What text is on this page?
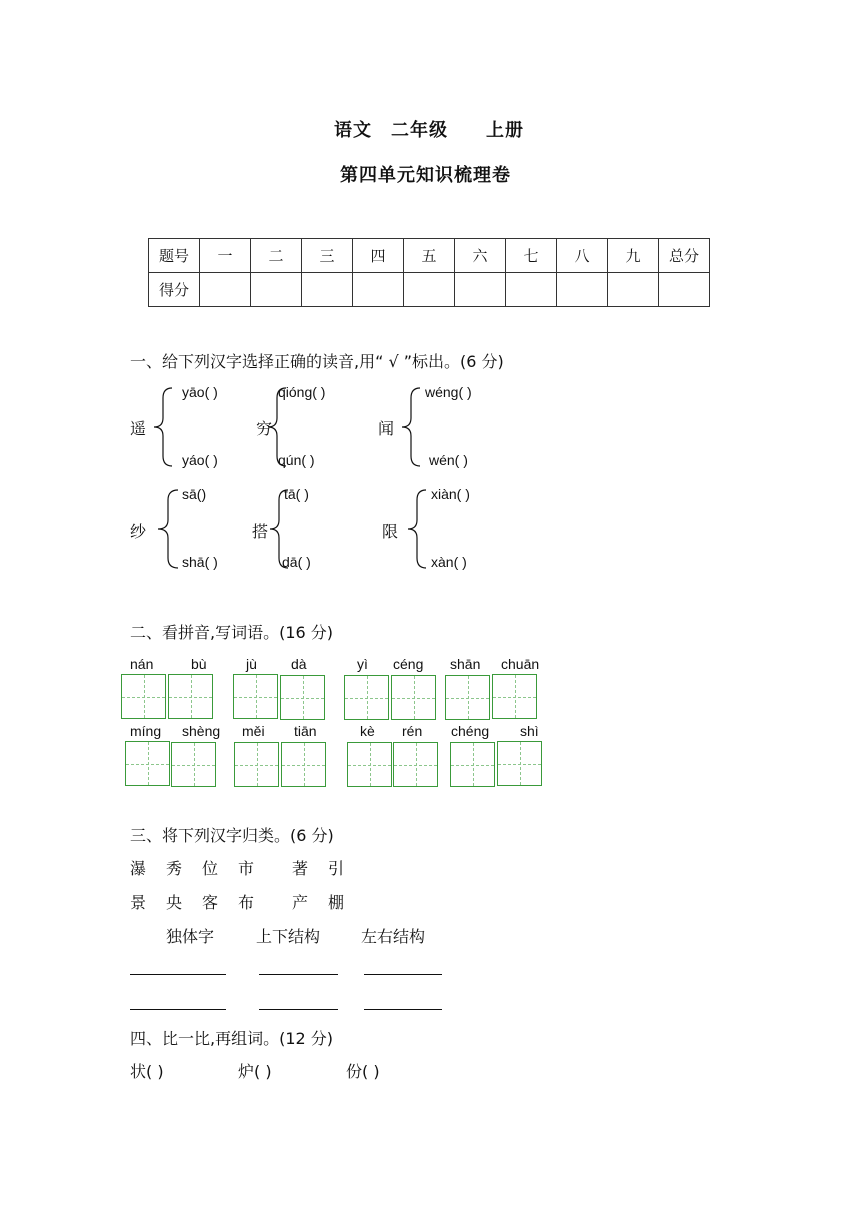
语文　二年级　　上册
第四单元知识梳理卷
题号	一	二	三	四	五	六	七	八	九	总分
得分										
一、给下列汉字选择正确的读音,用“ √ ”标出。(6 分)
遥
yāo( )
yáo( )
穷
qióng( )
qún( )
闻
wéng( )
wén( )
纱
sā()
shā( )
搭
tā( )
dā( )
限
xiàn( )
xàn( )
二、看拼音,写词语。(16 分)
nán	bù	jù dà	yì céng shān chuān
míng shèng měi tiān	kè rén chéng shì
三、将下列汉字归类。(6 分)
瀑　秀　位　市　　著　引
景　央　客　布　　产　棚
独体字	上下结构	左右结构
四、比一比,再组词。(12 分)
状( )	炉( )	份( )
